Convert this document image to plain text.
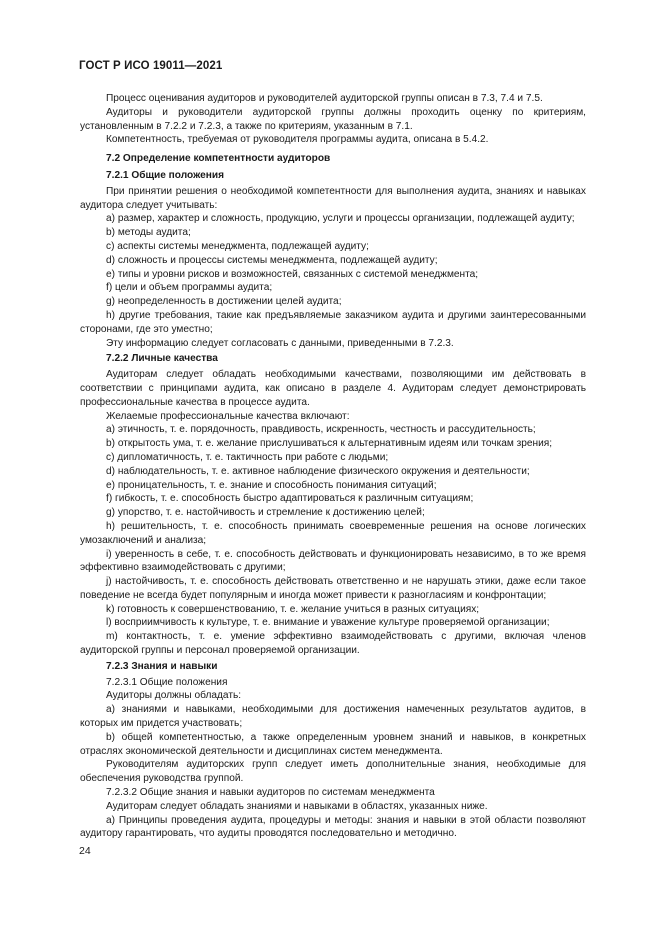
ГОСТ Р ИСО 19011—2021

Процесс оценивания аудиторов и руководителей аудиторской группы описан в 7.3, 7.4 и 7.5.

Аудиторы и руководители аудиторской группы должны проходить оценку по критериям, установленным в 7.2.2 и 7.2.3, а также по критериям, указанным в 7.1.

Компетентность, требуемая от руководителя программы аудита, описана в 5.4.2.

7.2 Определение компетентности аудиторов

7.2.1 Общие положения

При принятии решения о необходимой компетентности для выполнения аудита, знаниях и навыках аудитора следует учитывать:

а) размер, характер и сложность, продукцию, услуги и процессы организации, подлежащей аудиту;

b) методы аудита;

c) аспекты системы менеджмента, подлежащей аудиту;

d) сложность и процессы системы менеджмента, подлежащей аудиту;

e) типы и уровни рисков и возможностей, связанных с системой менеджмента;

f) цели и объем программы аудита;

g) неопределенность в достижении целей аудита;

h) другие требования, такие как предъявляемые заказчиком аудита и другими заинтересованными сторонами, где это уместно;

Эту информацию следует согласовать с данными, приведенными в 7.2.3.

7.2.2 Личные качества

Аудиторам следует обладать необходимыми качествами, позволяющими им действовать в соответствии с принципами аудита, как описано в разделе 4. Аудиторам следует демонстрировать профессиональные качества в процессе аудита.

Желаемые профессиональные качества включают:

а) этичность, т. е. порядочность, правдивость, искренность, честность и рассудительность;

b) открытость ума, т. е. желание прислушиваться к альтернативным идеям или точкам зрения;

c) дипломатичность, т. е. тактичность при работе с людьми;

d) наблюдательность, т. е. активное наблюдение физического окружения и деятельности;

e) проницательность, т. е. знание и способность понимания ситуаций;

f) гибкость, т. е. способность быстро адаптироваться к различным ситуациям;

g) упорство, т. е. настойчивость и стремление к достижению целей;

h) решительность, т. е. способность принимать своевременные решения на основе логических умозаключений и анализа;

i) уверенность в себе, т. е. способность действовать и функционировать независимо, в то же время эффективно взаимодействовать с другими;

j) настойчивость, т. е. способность действовать ответственно и не нарушать этики, даже если такое поведение не всегда будет популярным и иногда может привести к разногласиям и конфронтации;

k) готовность к совершенствованию, т. е. желание учиться в разных ситуациях;

l) восприимчивость к культуре, т. е. внимание и уважение культуре проверяемой организации;

m) контактность, т. е. умение эффективно взаимодействовать с другими, включая членов аудиторской группы и персонал проверяемой организации.

7.2.3 Знания и навыки

7.2.3.1 Общие положения

Аудиторы должны обладать:

а) знаниями и навыками, необходимыми для достижения намеченных результатов аудитов, в которых им придется участвовать;

b) общей компетентностью, а также определенным уровнем знаний и навыков, в конкретных отраслях экономической деятельности и дисциплинах систем менеджмента.

Руководителям аудиторских групп следует иметь дополнительные знания, необходимые для обеспечения руководства группой.

7.2.3.2 Общие знания и навыки аудиторов по системам менеджмента

Аудиторам следует обладать знаниями и навыками в областях, указанных ниже.

а) Принципы проведения аудита, процедуры и методы: знания и навыки в этой области позволяют аудитору гарантировать, что аудиты проводятся последовательно и методично.

24
